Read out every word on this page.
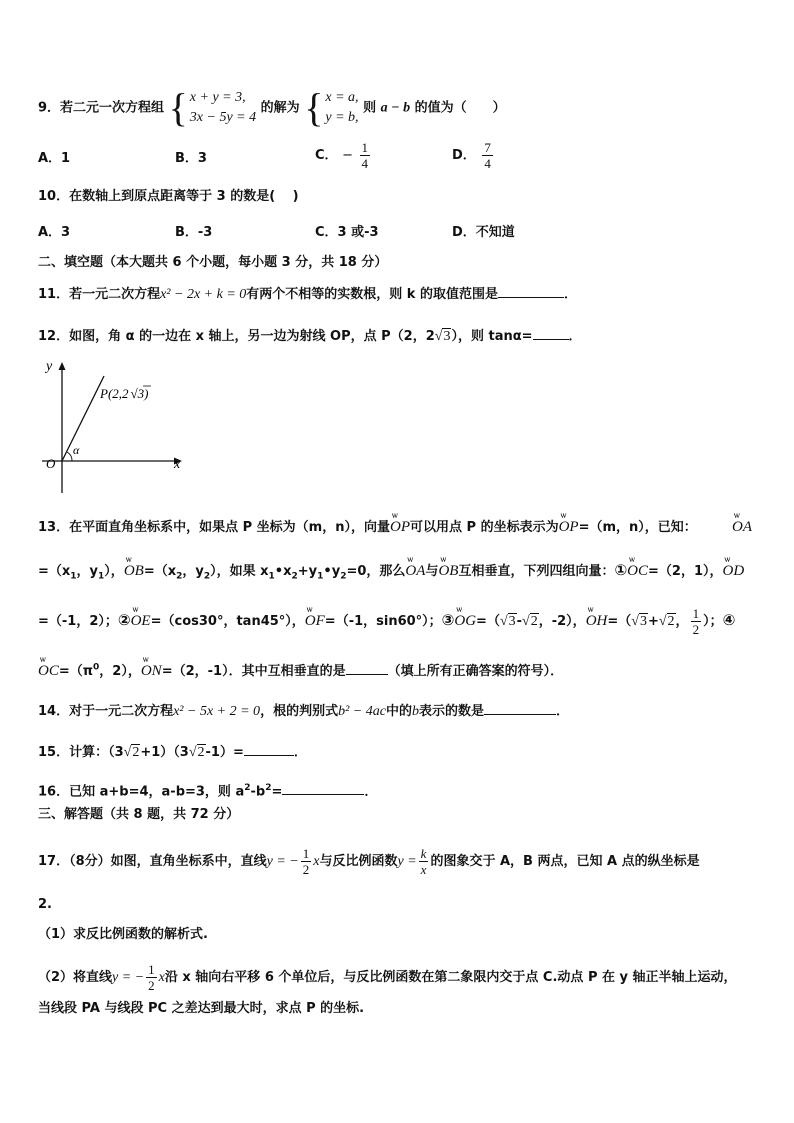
9．若二元一次方程组 { x + y = 3,
3x − 5y = 4
的解为 { x = a,
y = b,
则 a − b 的值为（　　）
A．1	B．3	C． − $\frac{1}{4}$	D． $\frac{7}{4}$
10．在数轴上到原点距离等于 3 的数是(　 )
A．3	B．-3	C．3 或-3	D．不知道
二、填空题（本大题共 6 个小题，每小题 3 分，共 18 分）
11．若一元二次方程x² − 2x + k = 0有两个不相等的实数根，则 k 的取值范围是	．
12．如图，角 α 的一边在 x 轴上，另一边为射线 OP，点 P（2，2√3），则 tanα=	．
y
x
O
α
P(2,2 √3)
13．在平面直角坐标系中，如果点 P 坐标为（m，n），向量ѡ OP可以用点 P 的坐标表示为ѡ OP=（m，n），已知：
ѡ OA
$=(x_1$，$y_1$），ѡ $OB=(x_2$，$y_2$），如果 $x_1•x_2+y_1•y_2=0$，那么ѡ OA与ѡ OB互相垂直，下列四组向量：①ѡ OC=（2，1），ѡ OD
=（-1，2）；②ѡ OE=（cos30°，tan45°），ѡ OF=（-1，sin60°）；③ѡ OG=（√3-√2，-2），ѡ OH=（√3+√2， $\frac{1}{2}$ ）；④
ѡ $OC=(\pi^0$，2），ѡ ON=（2，-1）．其中互相垂直的是	（填上所有正确答案的符号）．
14．对于一元二次方程x² − 5x + 2 = 0，根的判别式b² − 4ac中的b表示的数是	．
15．计算：（3√2+1）（3√2-1）=	．
16．已知 a+b=4，a-b=3，则 $a^2-b^2=$	．
三、解答题（共 8 题，共 72 分）
17．（8分）如图，直角坐标系中，直线y = − $\frac{1}{2}$ x与反比例函数$y = \frac{k}{x}$ 的图象交于 A，B 两点，已知 A 点的纵坐标是
2.
（1）求反比例函数的解析式.
（2）将直线y = − $\frac{1}{2}$ x沿 x 轴向右平移 6 个单位后，与反比例函数在第二象限内交于点 C.动点 P 在 y 轴正半轴上运动，
当线段 PA 与线段 PC 之差达到最大时，求点 P 的坐标.
